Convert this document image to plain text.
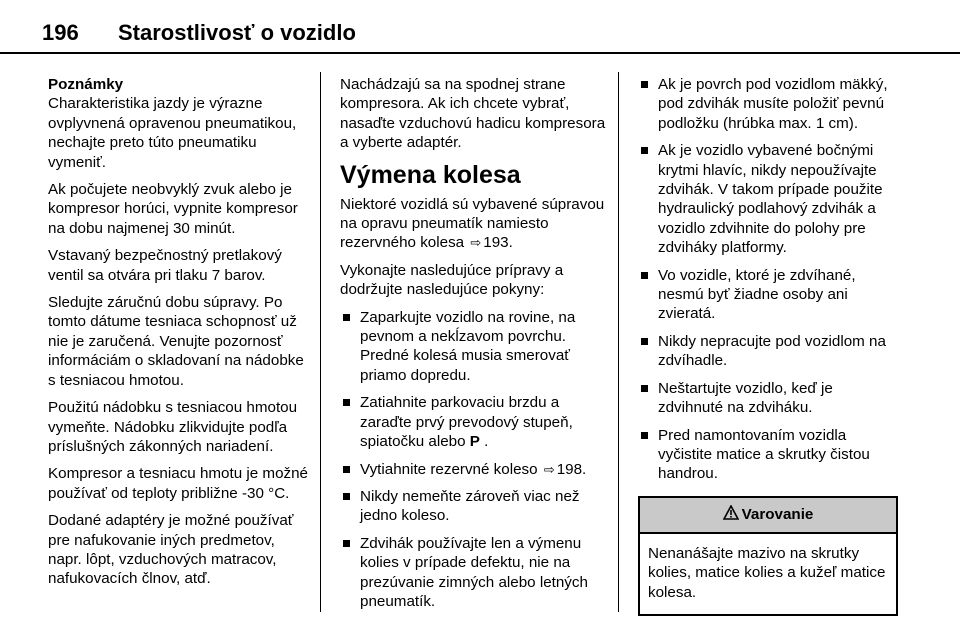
196 Starostlivosť o vozidlo
Poznámky

Charakteristika jazdy je výrazne ovplyvnená opravenou pneumatikou, nechajte preto túto pneumatiku vymeniť.

Ak počujete neobvyklý zvuk alebo je kompresor horúci, vypnite kompresor na dobu najmenej 30 minút.

Vstavaný bezpečnostný pretlakový ventil sa otvára pri tlaku 7 barov.

Sledujte záručnú dobu súpravy. Po tomto dátume tesniaca schopnosť už nie je zaručená. Venujte pozornosť informáciám o skladovaní na nádobke s tesniacou hmotou.

Použitú nádobku s tesniacou hmotou vymeňte. Nádobku zlikvidujte podľa príslušných zákonných nariadení.

Kompresor a tesniacu hmotu je možné používať od teploty približne -30 °C.

Dodané adaptéry je možné používať pre nafukovanie iných predmetov, napr. lôpt, vzduchových matracov, nafukovacích člnov, atď.

Nachádzajú sa na spodnej strane kompresora. Ak ich chcete vybrať, nasaďte vzduchovú hadicu kompresora a vyberte adaptér.

Výmena kolesa

Niektoré vozidlá sú vybavené súpravou na opravu pneumatík namiesto rezervného kolesa ⇨ 193.

Vykonajte nasledujúce prípravy a dodržujte nasledujúce pokyny:

Zaparkujte vozidlo na rovine, na pevnom a nekĺzavom povrchu. Predné kolesá musia smerovať priamo dopredu.
Zatiahnite parkovaciu brzdu a zaraďte prvý prevodový stupeň, spiatočku alebo P .
Vytiahnite rezervné koleso ⇨ 198.
Nikdy nemeňte zároveň viac než jedno koleso.
Zdvihák používajte len a výmenu kolies v prípade defektu, nie na prezúvanie zimných alebo letných pneumatík.
Ak je povrch pod vozidlom mäkký, pod zdvihák musíte položiť pevnú podložku (hrúbka max. 1 cm).
Ak je vozidlo vybavené bočnými krytmi hlavíc, nikdy nepoužívajte zdvihák. V takom prípade použite hydraulický podlahový zdvihák a vozidlo zdvihnite do polohy pre zdviháky platformy.
Vo vozidle, ktoré je zdvíhané, nesmú byť žiadne osoby ani zvieratá.
Nikdy nepracujte pod vozidlom na zdvíhadle.
Neštartujte vozidlo, keď je zdvihnuté na zdviháku.
Pred namontovaním vozidla vyčistite matice a skrutky čistou handrou.
Varovanie
Nenanášajte mazivo na skrutky kolies, matice kolies a kužeľ matice kolesa.
